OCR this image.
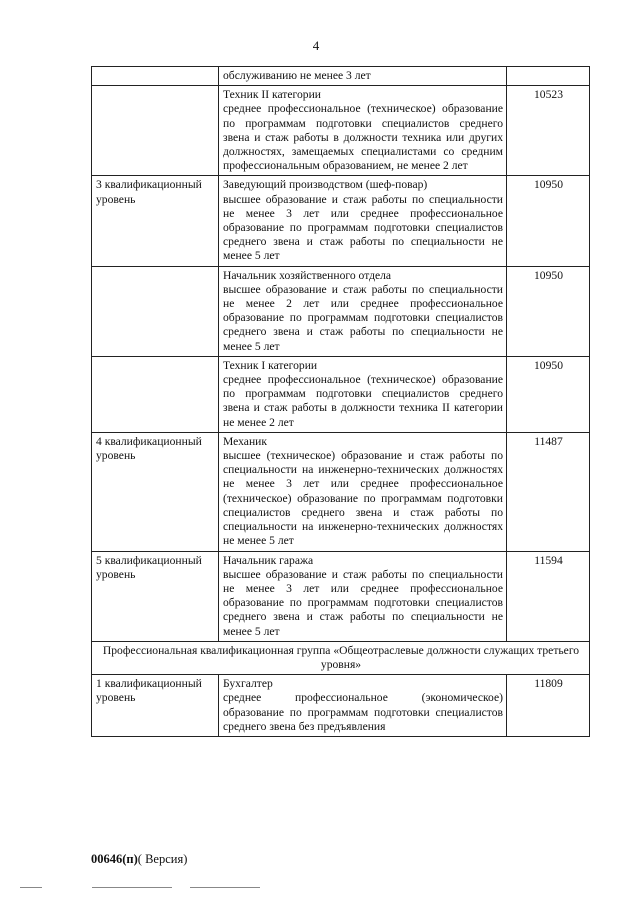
4

	обслуживанию не менее 3 лет	

	Техник II категории
среднее профессиональное (техническое) образование по программам подготовки специалистов среднего звена и стаж работы в должности техника или других должностях, замещаемых специалистами со средним профессиональным образованием, не менее 2 лет	10523
3 квалификационный уровень	Заведующий производством (шеф-повар)
высшее образование и стаж работы по специальности не менее 3 лет или среднее профессиональное образование по программам подготовки специалистов среднего звена и стаж работы по специальности не менее 5 лет	10950

	Начальник хозяйственного отдела
высшее образование и стаж работы по специальности не менее 2 лет или среднее профессиональное образование по программам подготовки специалистов среднего звена и стаж работы по специальности не менее 5 лет	10950

	Техник I категории
среднее профессиональное (техническое) образование по программам подготовки специалистов среднего звена и стаж работы в должности техника II категории не менее 2 лет	10950
4 квалификационный уровень	Механик
высшее (техническое) образование и стаж работы по специальности на инженерно-технических должностях не менее 3 лет или среднее профессиональное (техническое) образование по программам подготовки специалистов среднего звена и стаж работы по специальности на инженерно-технических должностях не менее 5 лет	11487
5 квалификационный уровень	Начальник гаража
высшее образование и стаж работы по специальности не менее 3 лет или среднее профессиональное образование по программам подготовки специалистов среднего звена и стаж работы по специальности не менее 5 лет	11594
Профессиональная квалификационная группа «Общеотраслевые должности служащих третьего уровня»		
1 квалификационный уровень	Бухгалтер
среднее профессиональное (экономическое) образование по программам подготовки специалистов среднего звена без предъявления	11809
00646(п)( Версия)
